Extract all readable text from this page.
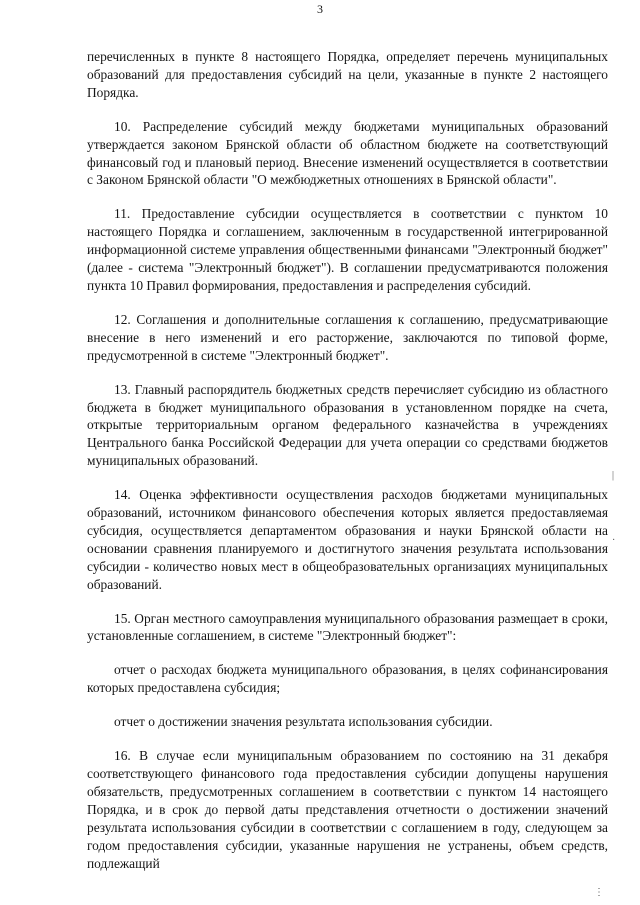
3

перечисленных в пункте 8 настоящего Порядка, определяет перечень муниципальных образований для предоставления субсидий на цели, указанные в пункте 2 настоящего Порядка.

10. Распределение субсидий между бюджетами муниципальных образований утверждается законом Брянской области об областном бюджете на соответствующий финансовый год и плановый период. Внесение изменений осуществляется в соответствии с Законом Брянской области "О межбюджетных отношениях в Брянской области".

11. Предоставление субсидии осуществляется в соответствии с пунктом 10 настоящего Порядка и соглашением, заключенным в государственной интегрированной информационной системе управления общественными финансами "Электронный бюджет" (далее - система "Электронный бюджет"). В соглашении предусматриваются положения пункта 10 Правил формирования, предоставления и распределения субсидий.

12. Соглашения и дополнительные соглашения к соглашению, предусматривающие внесение в него изменений и его расторжение, заключаются по типовой форме, предусмотренной в системе "Электронный бюджет".

13. Главный распорядитель бюджетных средств перечисляет субсидию из областного бюджета в бюджет муниципального образования в установленном порядке на счета, открытые территориальным органом федерального казначейства в учреждениях Центрального банка Российской Федерации для учета операции со средствами бюджетов муниципальных образований.

14. Оценка эффективности осуществления расходов бюджетами муниципальных образований, источником финансового обеспечения которых является предоставляемая субсидия, осуществляется департаментом образования и науки Брянской области на основании сравнения планируемого и достигнутого значения результата использования субсидии - количество новых мест в общеобразовательных организациях муниципальных образований.

15. Орган местного самоуправления муниципального образования размещает в сроки, установленные соглашением, в системе "Электронный бюджет":

отчет о расходах бюджета муниципального образования, в целях софинансирования которых предоставлена субсидия;

отчет о достижении значения результата использования субсидии.

16. В случае если муниципальным образованием по состоянию на 31 декабря соответствующего финансового года предоставления субсидии допущены нарушения обязательств, предусмотренных соглашением в соответствии с пунктом 14 настоящего Порядка, и в срок до первой даты представления отчетности о достижении значений результата использования субсидии в соответствии с соглашением в году, следующем за годом предоставления субсидии, указанные нарушения не устранены, объем средств, подлежащий

|
·
⋮
